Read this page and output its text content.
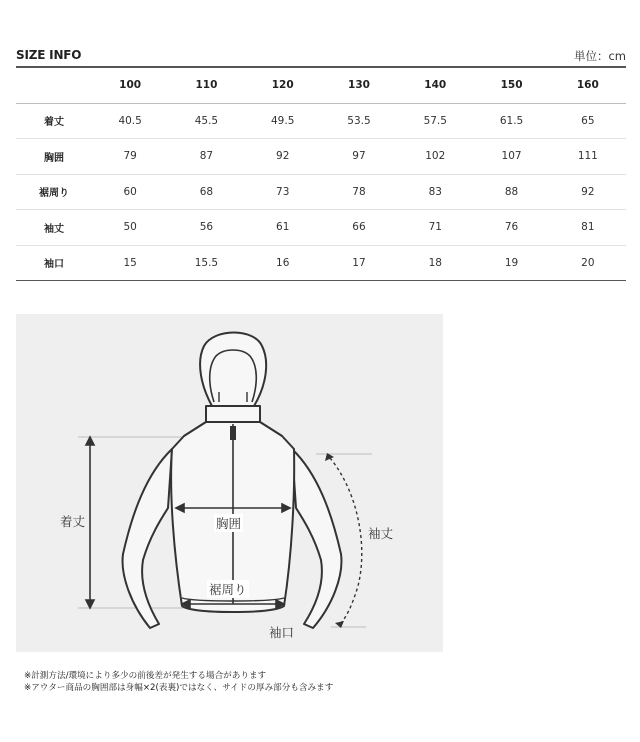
SIZE INFO	単位：cm
	100	110	120	130	140	150	160
着丈	40.5	45.5	49.5	53.5	57.5	61.5	65
胸囲	79	87	92	97	102	107	111
裾周り	60	68	73	78	83	88	92
袖丈	50	56	61	66	71	76	81
袖口	15	15.5	16	17	18	19	20
着丈	胸囲
裾周り
袖丈
袖口
※計測方法/環境により多少の前後差が発生する場合があります
※アウター商品の胸囲部は身幅×2(表裏)ではなく、サイドの厚み部分も含みます
